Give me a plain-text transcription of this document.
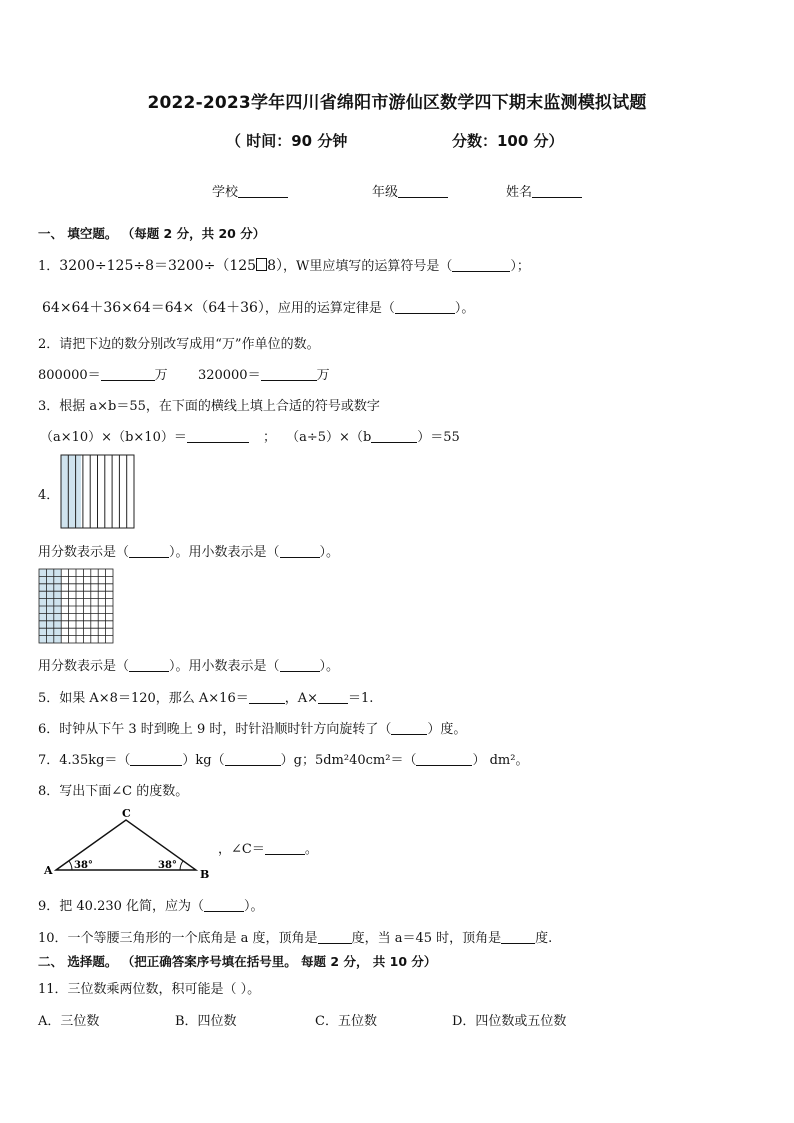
2022-2023学年四川省绵阳市游仙区数学四下期末监测模拟试题
（ 时间：90 分钟	分数：100 分）
学校	年级	姓名
一、 填空题。 （每题 2 分，共 20 分）
1．3200÷125÷8＝3200÷（125 8），W里应填写的运算符号是（	）；
64×64＋36×64＝64×（64＋36），应用的运算定律是（	）。
2．请把下边的数分别改写成用“万”作单位的数。
800000＝	万 320000＝	万
3．根据 a×b＝55，在下面的横线上填上合适的符号或数字
（a×10）×（b×10）＝	； （a÷5）×（b	）＝55
4．
用分数表示是（	）。用小数表示是（	）。
用分数表示是（	）。用小数表示是（	）。
5．如果 A×8＝120，那么 A×16＝	，A× ＝1.
6．时钟从下午 3 时到晚上 9 时，时针沿顺时针方向旋转了（	）度。
7．4.35kg＝（	）kg（	）g；5dm²40cm²＝（	） dm²。
8．写出下面∠C 的度数。
A	B
C
38°	38°
，∠C＝	。
9．把 40.230 化简，应为（	）。
10．一个等腰三角形的一个底角是 a 度，顶角是	度，当 a＝45 时，顶角是	度.
二、 选择题。 （把正确答案序号填在括号里。 每题 2 分， 共 10 分）
11．三位数乘两位数，积可能是（ ）。
A．三位数	B．四位数	C．五位数	D．四位数或五位数
